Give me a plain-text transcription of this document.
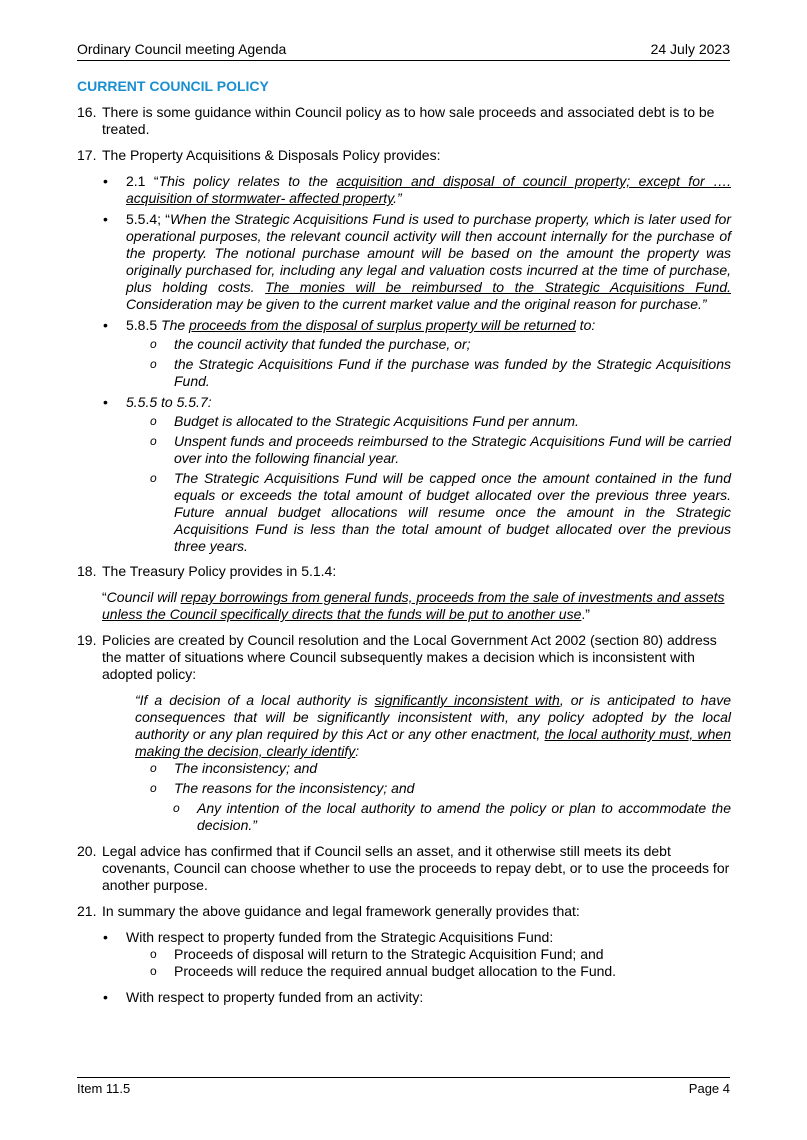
Ordinary Council meeting Agenda	24 July 2023
CURRENT COUNCIL POLICY
16. There is some guidance within Council policy as to how sale proceeds and associated debt is to be treated.
17. The Property Acquisitions & Disposals Policy provides:
• 2.1 “This policy relates to the acquisition and disposal of council property; except for …. acquisition of stormwater- affected property.”
• 5.5.4; “When the Strategic Acquisitions Fund is used to purchase property, which is later used for operational purposes, the relevant council activity will then account internally for the purchase of the property. The notional purchase amount will be based on the amount the property was originally purchased for, including any legal and valuation costs incurred at the time of purchase, plus holding costs. The monies will be reimbursed to the Strategic Acquisitions Fund. Consideration may be given to the current market value and the original reason for purchase.”
• 5.8.5 The proceeds from the disposal of surplus property will be returned to:
o the council activity that funded the purchase, or;
o the Strategic Acquisitions Fund if the purchase was funded by the Strategic Acquisitions Fund.
• 5.5.5 to 5.5.7:
o Budget is allocated to the Strategic Acquisitions Fund per annum.
o Unspent funds and proceeds reimbursed to the Strategic Acquisitions Fund will be carried over into the following financial year.
o The Strategic Acquisitions Fund will be capped once the amount contained in the fund equals or exceeds the total amount of budget allocated over the previous three years. Future annual budget allocations will resume once the amount in the Strategic Acquisitions Fund is less than the total amount of budget allocated over the previous three years.
18. The Treasury Policy provides in 5.1.4:
“Council will repay borrowings from general funds, proceeds from the sale of investments and assets unless the Council specifically directs that the funds will be put to another use.”
19. Policies are created by Council resolution and the Local Government Act 2002 (section 80) address the matter of situations where Council subsequently makes a decision which is inconsistent with adopted policy:

“If a decision of a local authority is significantly inconsistent with, or is anticipated to have consequences that will be significantly inconsistent with, any policy adopted by the local authority or any plan required by this Act or any other enactment, the local authority must, when making the decision, clearly identify:

o The inconsistency; and
o The reasons for the inconsistency; and
o Any intention of the local authority to amend the policy or plan to accommodate the decision.”
20. Legal advice has confirmed that if Council sells an asset, and it otherwise still meets its debt covenants, Council can choose whether to use the proceeds to repay debt, or to use the proceeds for another purpose.
21. In summary the above guidance and legal framework generally provides that:
• With respect to property funded from the Strategic Acquisitions Fund:
o Proceeds of disposal will return to the Strategic Acquisition Fund; and
o Proceeds will reduce the required annual budget allocation to the Fund.
• With respect to property funded from an activity:
Item 11.5	Page 4
